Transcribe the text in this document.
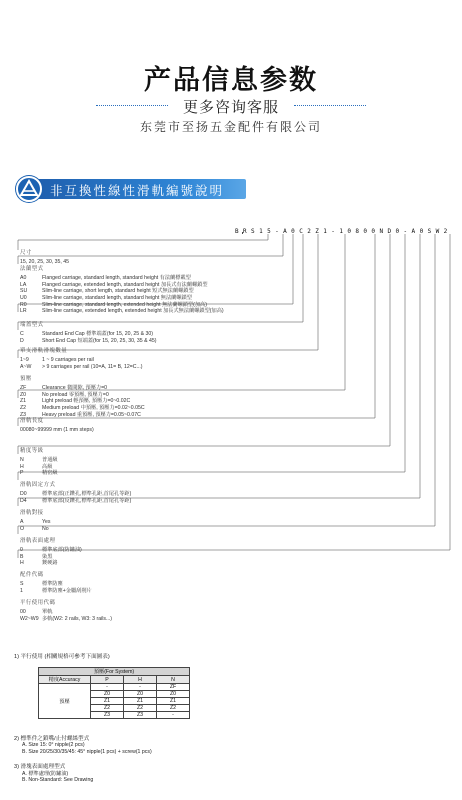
产品信息参数
更多咨询客服
东莞市至扬五金配件有限公司
非互換性線性滑軌編號說明
B R S 1 5 - A 0 C 2 Z 1 - 1 0 8 0 0 N D 0 - A 0 S W 2
尺寸
15, 20, 25, 30, 35, 45
法蘭型式
A0	Flanged carriage, standard length, standard height 有法蘭標載型
LA	Flanged carriage, extended length, standard height 加長式有法蘭螺鎖型
SU	Slim-line carriage, short length, standard height 短式無法蘭螺鎖型
U0	Slim-line carriage, standard length, standard height 無法蘭螺鎖型
R0	Slim-line carriage, standard length, extended height 無法蘭螺鎖型(加高)
LR	Slim-line carriage, extended length, extended height 加長式無法蘭螺鎖型(加高)
端蓋型式
C	Standard End Cap 標準端蓋(for 15, 20, 25 & 30)
D	Short End Cap 短端蓋(for 15, 20, 25, 30, 35 & 45)
單支滑軌滑塊數量
1~9	1 ~ 9 carriages per rail
A~W	> 9 carriages per rail (10=A, 11= B, 12=C...)
預壓
ZF	Clearance 微間隙, 預壓力=0
Z0	No preload 零預壓, 預壓力=0
Z1	Light preload 輕預壓, 預壓力=0~0.02C
Z2	Medium preload 中預壓, 預壓力=0.02~0.05C
Z3	Heavy preload 重預壓, 預壓力=0.05~0.07C
滑軌長度
00080~99999 mm (1 mm steps)
精度等級
N	普通級
H	高級
P	精密級
滑軌固定方式
D0	標準底部(正鑽孔,標準孔距,首尾孔等距)
D4	標準底部(反鑽孔,標準孔距,首尾孔等距)
滑軌對接
A	Yes
O	No
滑軌表面處理
0	標準底部(防鏽油)
B	染黑
H	鍍硬鉻
配件代碼
S	標準防塵
1	標準防塵+金屬刮削片
平行使用代碼
00	單軌
W2~W9 多軌(W2: 2 rails, W3: 3 rails...)
1) 平行使用 (相關規格可參考下面圖表)
預壓(For System)			
精度Accuracy	P	H	N
預壓	-	-	ZF
	Z0	Z0	Z0
	Z1	Z1	Z1
	Z2	Z2	Z2
	Z3	Z3	-
2) 標準件之鎖嘴/止付螺絲型式
A. Size 15: 0° nipple(2 pcs)
B. Size 20/25/30/35/45: 45° nipple(1 pcs) + screw(1 pcs)
3) 滑塊表面處理型式
A. 標準處理(防鏽油)
B. Non-Standard: See Drawing
